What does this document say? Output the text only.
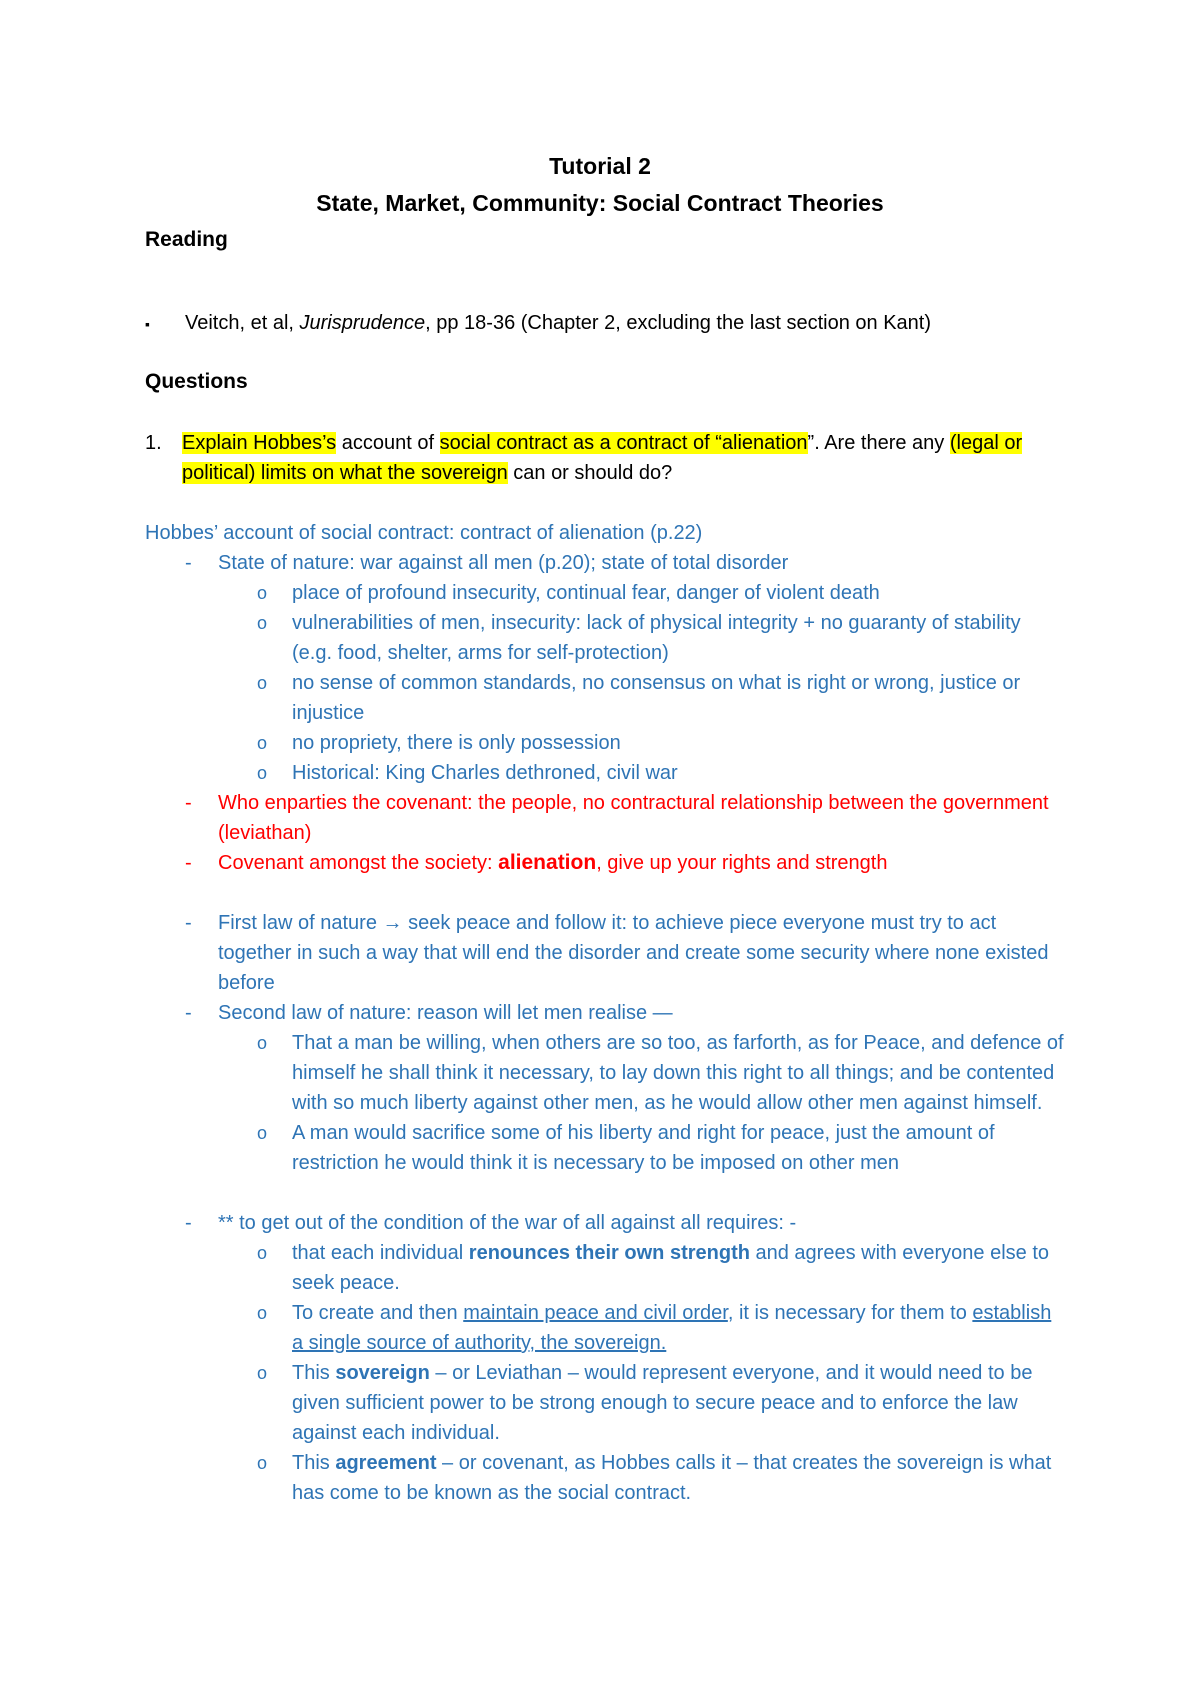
Tutorial 2
State, Market, Community: Social Contract Theories
Reading
▪ Veitch, et al, Jurisprudence, pp 18-36 (Chapter 2, excluding the last section on Kant)
Questions
1. Explain Hobbes’s account of social contract as a contract of “alienation”. Are there any (legal or political) limits on what the sovereign can or should do?
Hobbes’ account of social contract: contract of alienation (p.22)
- State of nature: war against all men (p.20); state of total disorder
o place of profound insecurity, continual fear, danger of violent death
o vulnerabilities of men, insecurity: lack of physical integrity + no guaranty of stability (e.g. food, shelter, arms for self-protection)
o no sense of common standards, no consensus on what is right or wrong, justice or injustice
o no propriety, there is only possession
o Historical: King Charles dethroned, civil war
- Who enparties the covenant: the people, no contractural relationship between the government (leviathan)
- Covenant amongst the society: alienation, give up your rights and strength
- First law of nature → seek peace and follow it: to achieve piece everyone must try to act together in such a way that will end the disorder and create some security where none existed before
- Second law of nature: reason will let men realise —
o That a man be willing, when others are so too, as farforth, as for Peace, and defence of himself he shall think it necessary, to lay down this right to all things; and be contented with so much liberty against other men, as he would allow other men against himself.
o A man would sacrifice some of his liberty and right for peace, just the amount of restriction he would think it is necessary to be imposed on other men
- ** to get out of the condition of the war of all against all requires: -
o that each individual renounces their own strength and agrees with everyone else to seek peace.
o To create and then maintain peace and civil order, it is necessary for them to establish a single source of authority, the sovereign.
o This sovereign – or Leviathan – would represent everyone, and it would need to be given sufficient power to be strong enough to secure peace and to enforce the law against each individual.
o This agreement – or covenant, as Hobbes calls it – that creates the sovereign is what has come to be known as the social contract.
